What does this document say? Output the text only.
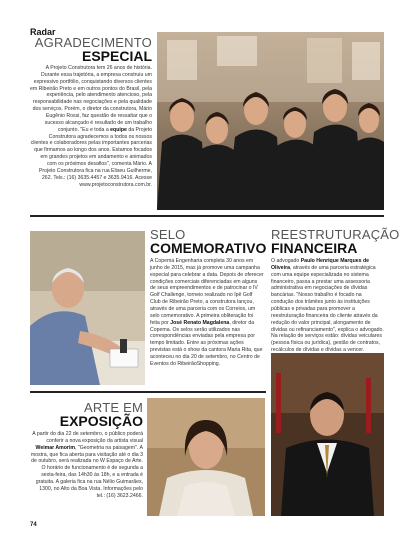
Radar
AGRADECIMENTO
ESPECIAL
A Projeto Construtora tem 26 anos de história. Durante essa trajetória, a empresa construiu um expressivo portfólio, conquistando diversos clientes em Ribeirão Preto e em outros pontos do Brasil, pela experiência, pelo atendimento atencioso, pela responsabilidade nas negociações e pela qualidade dos serviços. Porém, o diretor da construtora, Mário Eugênio Rossi, faz questão de ressaltar que o sucesso alcançado é resultado de um trabalho conjunto. "Eu e toda a equipe da Projeto Construtora agradecemos a todos os nossos clientes e colaboradores pelas importantes parcerias que firmamos ao longo dos anos. Estamos focados em grandes projetos em andamento e animados com os próximos desafios", comenta Mário. A Projeto Construtora fica na rua Eliseu Guilherme, 262. Tels.: (16) 3635.4457 e 3635.9416. Acesse www.projetoconstrutora.com.br.
SELO
COMEMORATIVO
A Copema Engenharia completa 30 anos em junho de 2015, mas já promove uma campanha especial para celebrar a data. Depois de oferecer condições comerciais diferenciadas em alguns de seus empreendimentos e de patrocinar o IV Golf Challenge, torneio realizado no Ipê Golf Club de Ribeirão Preto, a construtora lançou, através de uma parceria com os Correios, um selo comemorativo. A primeira obliteração foi feita por José Renato Magdalena, diretor da Copema. Os selos serão utilizados nas correspondências enviadas pela empresa por tempo limitado. Entre as próximas ações previstas está o show da cantora Maria Rita, que aconteceu no dia 20 de setembro, no Centro de Eventos do RibeirãoShopping.
REESTRUTURAÇÃO
FINANCEIRA
O advogado Paulo Henrique Marques de Oliveira, através de uma parceria estratégica com uma equipe especializada no sistema financeiro, passa a prestar uma assessoria administrativa em negociações de dívidas bancárias. "Nosso trabalho é focado na condução dos trâmites junto às instituições públicas e privadas para promover a reestruturação financeira do cliente através da redução do valor principal, alongamento de dívidas ou refinanciamento", explica o advogado. Na relação de serviços estão: dívidas veiculares (pessoa física ou jurídica), gestão de contratos, recálculos de dívidas e dívidas a vencer.
ARTE EM
EXPOSIÇÃO
A partir do dia 22 de setembro, o público poderá conferir a nova exposição da artista visual Weimar Amorim, "Geometria na paisagem". A mostra, que fica aberta para visitação até o dia 3 de outubro, será realizada no W Espaço de Arte. O horário de funcionamento é de segunda a sexta-feira, das 14h30 às 18h, e a entrada é gratuita. A galeria fica na rua Nélio Guimarães, 1300, no Alto da Boa Vista. Informações pelo tel.: (16) 3623.2466.
74
